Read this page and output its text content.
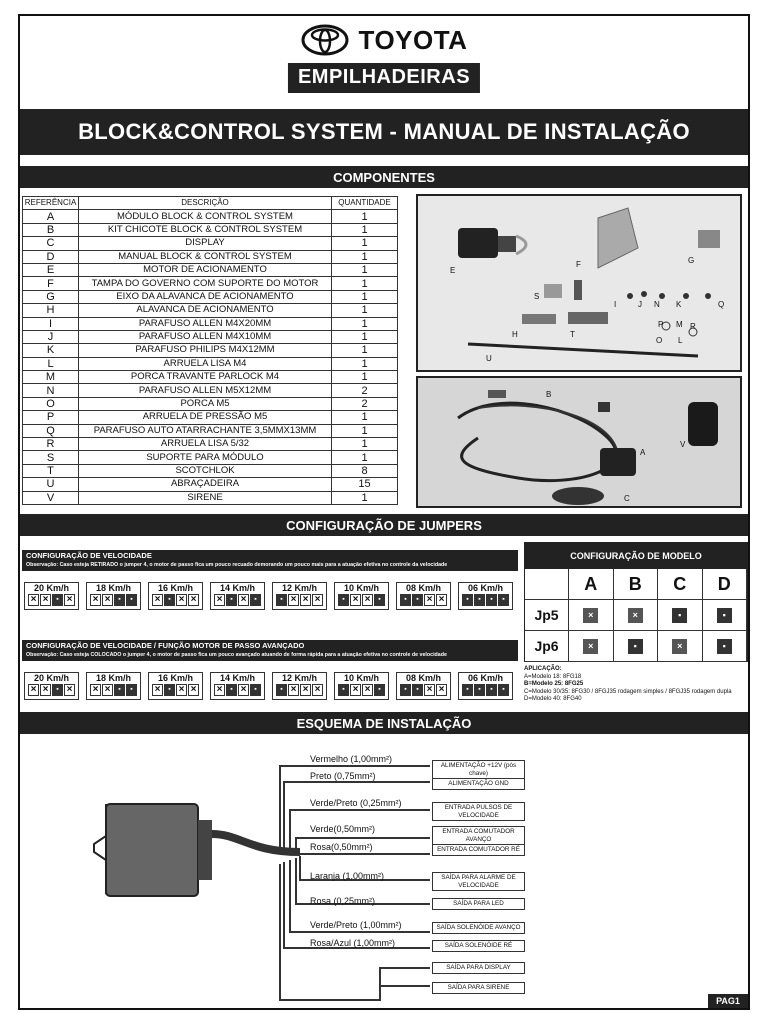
TOYOTA
EMPILHADEIRAS
BLOCK&CONTROL SYSTEM - MANUAL DE INSTALAÇÃO
COMPONENTES
REFERÊNCIA	DESCRIÇÃO	QUANTIDADE
A	MÓDULO BLOCK & CONTROL SYSTEM	1
B	KIT CHICOTE BLOCK & CONTROL SYSTEM	1
C	DISPLAY	1
D	MANUAL BLOCK & CONTROL SYSTEM	1
E	MOTOR DE ACIONAMENTO	1
F	TAMPA DO GOVERNO COM SUPORTE DO MOTOR	1
G	EIXO DA ALAVANCA DE ACIONAMENTO	1
H	ALAVANCA DE ACIONAMENTO	1
I	PARAFUSO ALLEN M4X20MM	1
J	PARAFUSO ALLEN M4X10MM	1
K	PARAFUSO PHILIPS M4X12MM	1
L	ARRUELA LISA M4	1
M	PORCA TRAVANTE PARLOCK M4	1
N	PARAFUSO ALLEN M5X12MM	2
O	PORCA M5	2
P	ARRUELA DE PRESSÃO M5	1
Q	PARAFUSO AUTO ATARRACHANTE 3,5MMX13MM	1
R	ARRUELA LISA 5/32	1
S	SUPORTE PARA MÓDULO	1
T	SCOTCHLOK	8
U	ABRAÇADEIRA	15
V	SIRENE	1
E
F	G
S
I	J N K	Q
P M R
O L
H	T
U
B
A
V
C
CONFIGURAÇÃO DE JUMPERS
CONFIGURAÇÃO DE VELOCIDADE
Observação: Caso esteja RETIRADO o jumper 4, o motor de passo fica um pouco recuado demorando um pouco mais para a atuação efetiva no controle da velocidade
20 Km/h
× ×	▪ ×
18 Km/h
× ×	▪	▪
16 Km/h
×	▪ × ×
14 Km/h
×	▪ ×	▪
12 Km/h
▪ × × ×
10 Km/h
▪ × ×	▪
08 Km/h
▪	▪ × ×
06 Km/h
▪	▪	▪	▪
CONFIGURAÇÃO DE VELOCIDADE / FUNÇÃO MOTOR DE PASSO AVANÇADO
Observação: Caso esteja COLOCADO o jumper 4, o motor de passo fica um pouco avançado atuando de forma rápida para a atuação efetiva no controle de velocidade
20 Km/h
× ×	▪ ×
18 Km/h
× ×	▪	▪
16 Km/h
×	▪ × ×
14 Km/h
×	▪ ×	▪
12 Km/h
▪ × × ×
10 Km/h
▪ × ×	▪
08 Km/h
▪	▪ × ×
06 Km/h
▪	▪	▪	▪
CONFIGURAÇÃO DE MODELO
A	B	C	D
Jp5	×	×	▪	▪
Jp6	×	▪	×	▪
APLICAÇÃO:
A=Modelo 18: 8FG18
B=Modelo 25: 8FG25
C=Modelo 30/35: 8FG30 / 8FGJ35 rodagem simples / 8FGJ35 rodagem dupla
D=Modelo 40: 8FG40
ESQUEMA DE INSTALAÇÃO
Vermelho (1,00mm²)
Preto (0,75mm²)
Verde/Preto (0,25mm²)
Verde(0,50mm²)
Rosa(0,50mm²)
Laranja (1,00mm²)
Rosa (0,25mm²)
Verde/Preto (1,00mm²)
Rosa/Azul (1,00mm²)
ALIMENTAÇÃO +12V (pós chave)
ALIMENTAÇÃO GND
ENTRADA PULSOS DE VELOCIDADE
ENTRADA COMUTADOR AVANÇO
ENTRADA COMUTADOR RÉ
SAÍDA PARA ALARME DE VELOCIDADE
SAÍDA PARA LED
SAÍDA SOLENÓIDE AVANÇO
SAÍDA SOLENÓIDE RÉ
SAÍDA PARA DISPLAY
SAÍDA PARA SIRENE
PAG1
